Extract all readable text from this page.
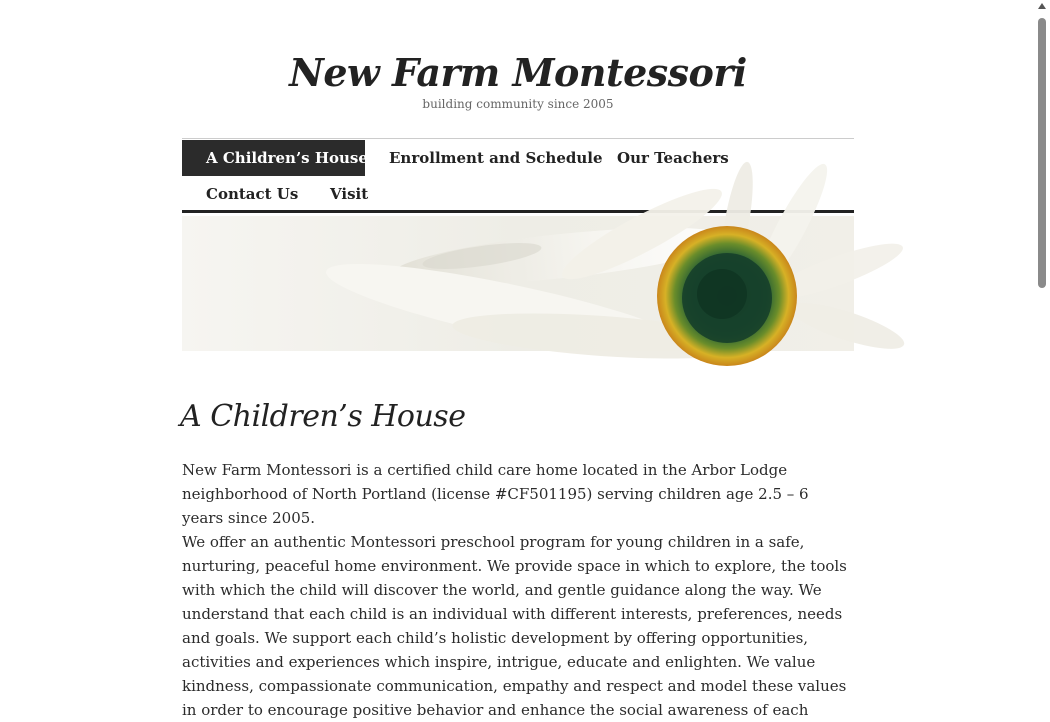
New Farm Montessori
building community since 2005
A Children’s House	Enrollment and Schedule Our Teachers
Contact Us	Visit
A Children’s House

New Farm Montessori is a certified child care home located in the Arbor Lodge neighborhood of North Portland (license #CF501195) serving children age 2.5 – 6 years since 2005.

We offer an authentic Montessori preschool program for young children in a safe, nurturing, peaceful home environment. We provide space in which to explore, the tools with which the child will discover the world, and gentle guidance along the way. We understand that each child is an individual with different interests, preferences, needs and goals. We support each child’s holistic development by offering opportunities, activities and experiences which inspire, intrigue, educate and enlighten. We value kindness, compassionate communication, empathy and respect and model these values in order to encourage positive behavior and enhance the social awareness of each
